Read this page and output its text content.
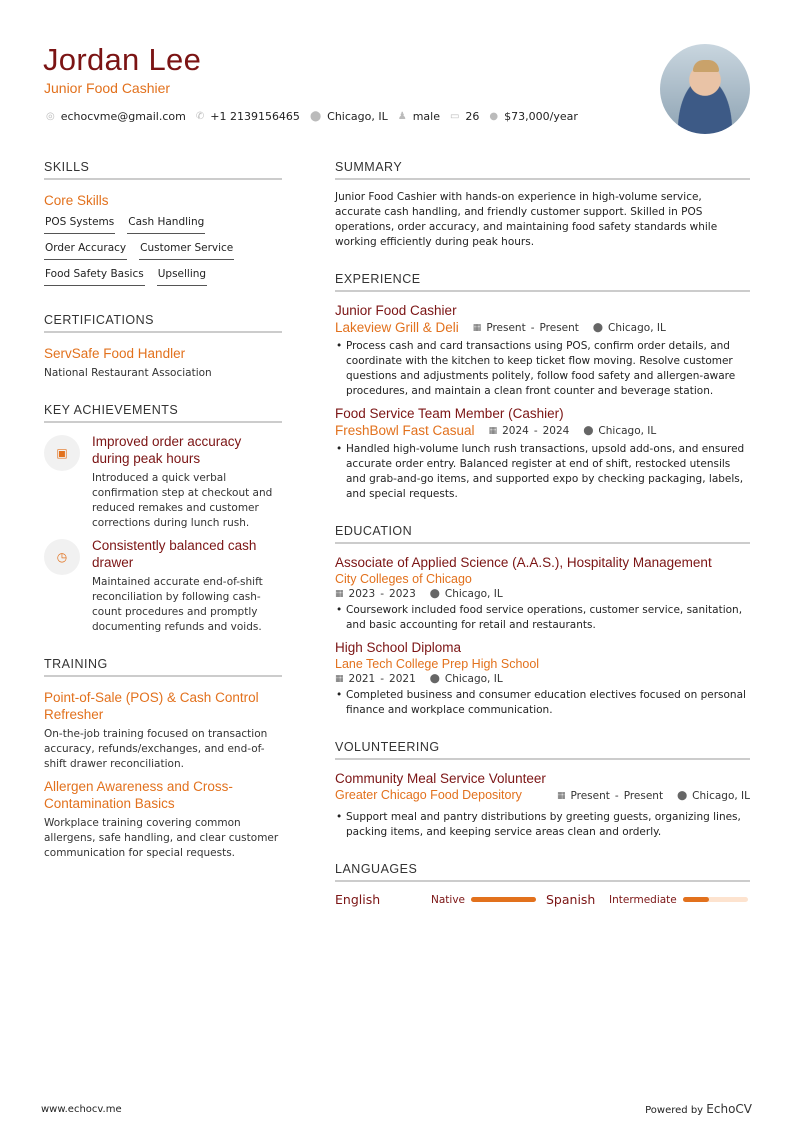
Jordan Lee
Junior Food Cashier
◎ echocvme@gmail.com ✆ +1 2139156465 ⬤ Chicago, IL ♟ male ▭ 26 ● $73,000/year
SKILLS
Core Skills
POS Systems Cash Handling
Order Accuracy Customer Service
Food Safety Basics Upselling
CERTIFICATIONS
ServSafe Food Handler
National Restaurant Association
KEY ACHIEVEMENTS
▣
Improved order accuracy during peak hours
Introduced a quick verbal confirmation step at checkout and reduced remakes and customer corrections during lunch rush.
◷
Consistently balanced cash drawer
Maintained accurate end-of-shift reconciliation by following cash-count procedures and promptly documenting refunds and voids.
TRAINING
Point-of-Sale (POS) & Cash Control Refresher
On-the-job training focused on transaction accuracy, refunds/exchanges, and end-of-shift drawer reconciliation.
Allergen Awareness and Cross-Contamination Basics
Workplace training covering common allergens, safe handling, and clear customer communication for special requests.
SUMMARY
Junior Food Cashier with hands-on experience in high-volume service, accurate cash handling, and friendly customer support. Skilled in POS operations, order accuracy, and maintaining food safety standards while working efficiently during peak hours.
EXPERIENCE
Junior Food Cashier
Lakeview Grill & Deli ▦ Present - Present ⬤ Chicago, IL
• Process cash and card transactions using POS, confirm order details, and coordinate with the kitchen to keep ticket flow moving. Resolve customer questions and adjustments politely, follow food safety and allergen-aware procedures, and maintain a clean front counter and beverage station.
Food Service Team Member (Cashier)
FreshBowl Fast Casual ▦ 2024 - 2024 ⬤ Chicago, IL
• Handled high-volume lunch rush transactions, upsold add-ons, and ensured accurate order entry. Balanced register at end of shift, restocked utensils and grab-and-go items, and supported expo by checking packaging, labels, and special requests.
EDUCATION
Associate of Applied Science (A.A.S.), Hospitality Management
City Colleges of Chicago
▦ 2023 - 2023 ⬤ Chicago, IL
• Coursework included food service operations, customer service, sanitation, and basic accounting for retail and restaurants.
High School Diploma
Lane Tech College Prep High School
▦ 2021 - 2021 ⬤ Chicago, IL
• Completed business and consumer education electives focused on personal finance and workplace communication.
VOLUNTEERING
Community Meal Service Volunteer
Greater Chicago Food Depository	▦ Present - Present ⬤ Chicago, IL
• Support meal and pantry distributions by greeting guests, organizing lines, packing items, and keeping service areas clean and orderly.
LANGUAGES
English	Native	Spanish	Intermediate
www.echocv.me	Powered by EchoCV
